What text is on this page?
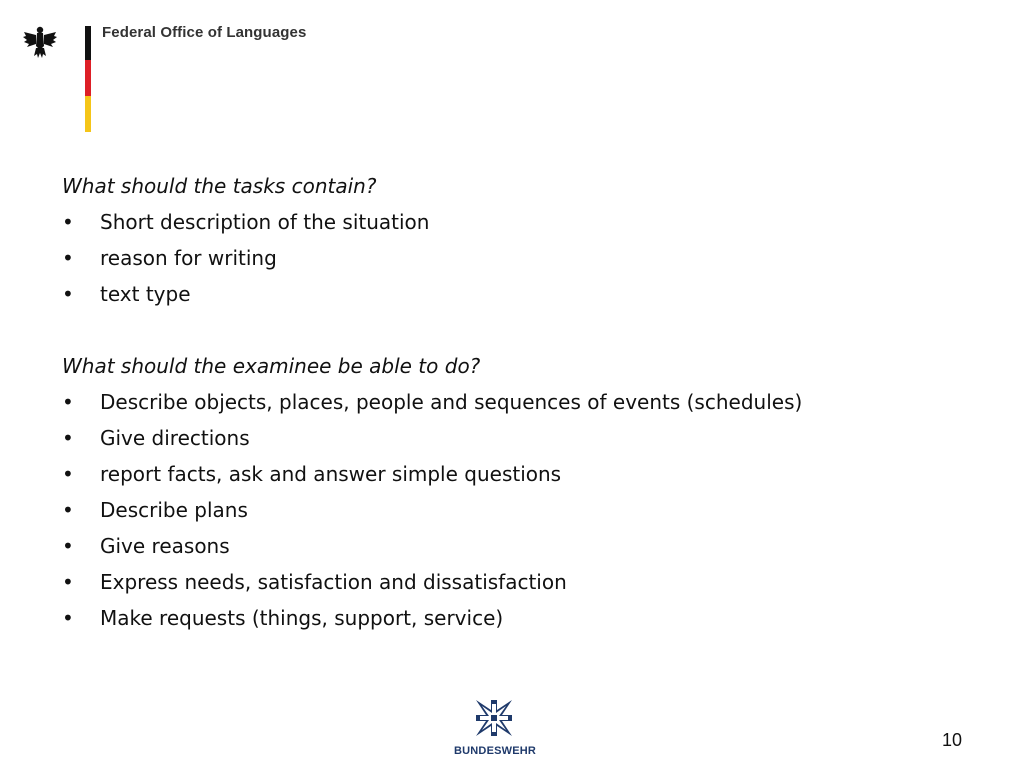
Federal Office of Languages

What should the tasks contain?

• Short description of the situation
• reason for writing
• text type

What should the examinee be able to do?

• Describe objects, places, people and sequences of events (schedules)
• Give directions
• report facts, ask and answer simple questions
• Describe plans
• Give reasons
• Express needs, satisfaction and dissatisfaction
• Make requests (things, support, service)
BUNDESWEHR
10
